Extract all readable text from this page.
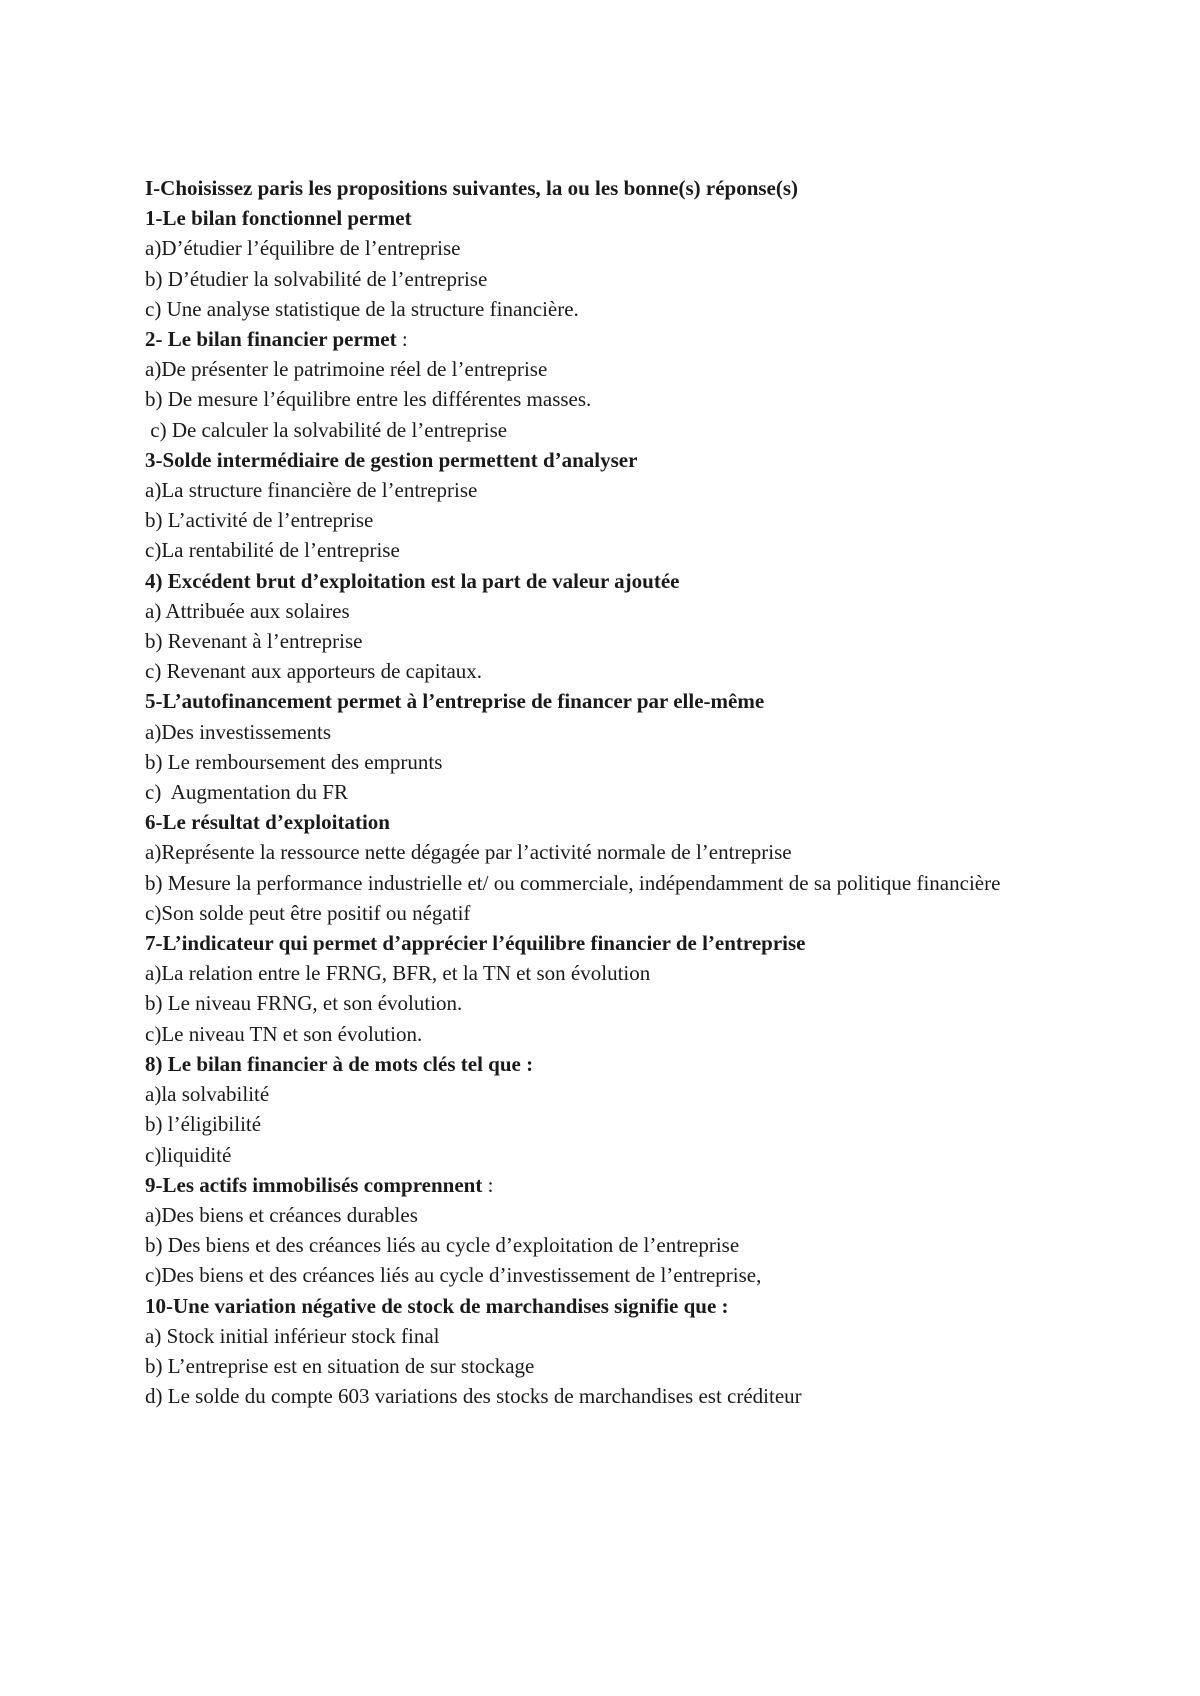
I-Choisissez paris les propositions suivantes, la ou les bonne(s) réponse(s)

1-Le bilan fonctionnel permet

a)D’étudier l’équilibre de l’entreprise

b) D’étudier la solvabilité de l’entreprise

c) Une analyse statistique de la structure financière.

2- Le bilan financier permet :

a)De présenter le patrimoine réel de l’entreprise

b) De mesure l’équilibre entre les différentes masses.

c) De calculer la solvabilité de l’entreprise

3-Solde intermédiaire de gestion permettent d’analyser

a)La structure financière de l’entreprise

b) L’activité de l’entreprise

c)La rentabilité de l’entreprise

4) Excédent brut d’exploitation est la part de valeur ajoutée

a) Attribuée aux solaires

b) Revenant à l’entreprise

c) Revenant aux apporteurs de capitaux.

5-L’autofinancement permet à l’entreprise de financer par elle-même

a)Des investissements

b) Le remboursement des emprunts

c)  Augmentation du FR

6-Le résultat d’exploitation

a)Représente la ressource nette dégagée par l’activité normale de l’entreprise

b) Mesure la performance industrielle et/ ou commerciale, indépendamment de sa politique financière

c)Son solde peut être positif ou négatif

7-L’indicateur qui permet d’apprécier l’équilibre financier de l’entreprise

a)La relation entre le FRNG, BFR, et la TN et son évolution

b) Le niveau FRNG, et son évolution.

c)Le niveau TN et son évolution.

8) Le bilan financier à de mots clés tel que :

a)la solvabilité

b) l’éligibilité

c)liquidité

9-Les actifs immobilisés comprennent :

a)Des biens et créances durables

b) Des biens et des créances liés au cycle d’exploitation de l’entreprise

c)Des biens et des créances liés au cycle d’investissement de l’entreprise,

10-Une variation négative de stock de marchandises signifie que :

a) Stock initial inférieur stock final

b) L’entreprise est en situation de sur stockage

d) Le solde du compte 603 variations des stocks de marchandises est créditeur
